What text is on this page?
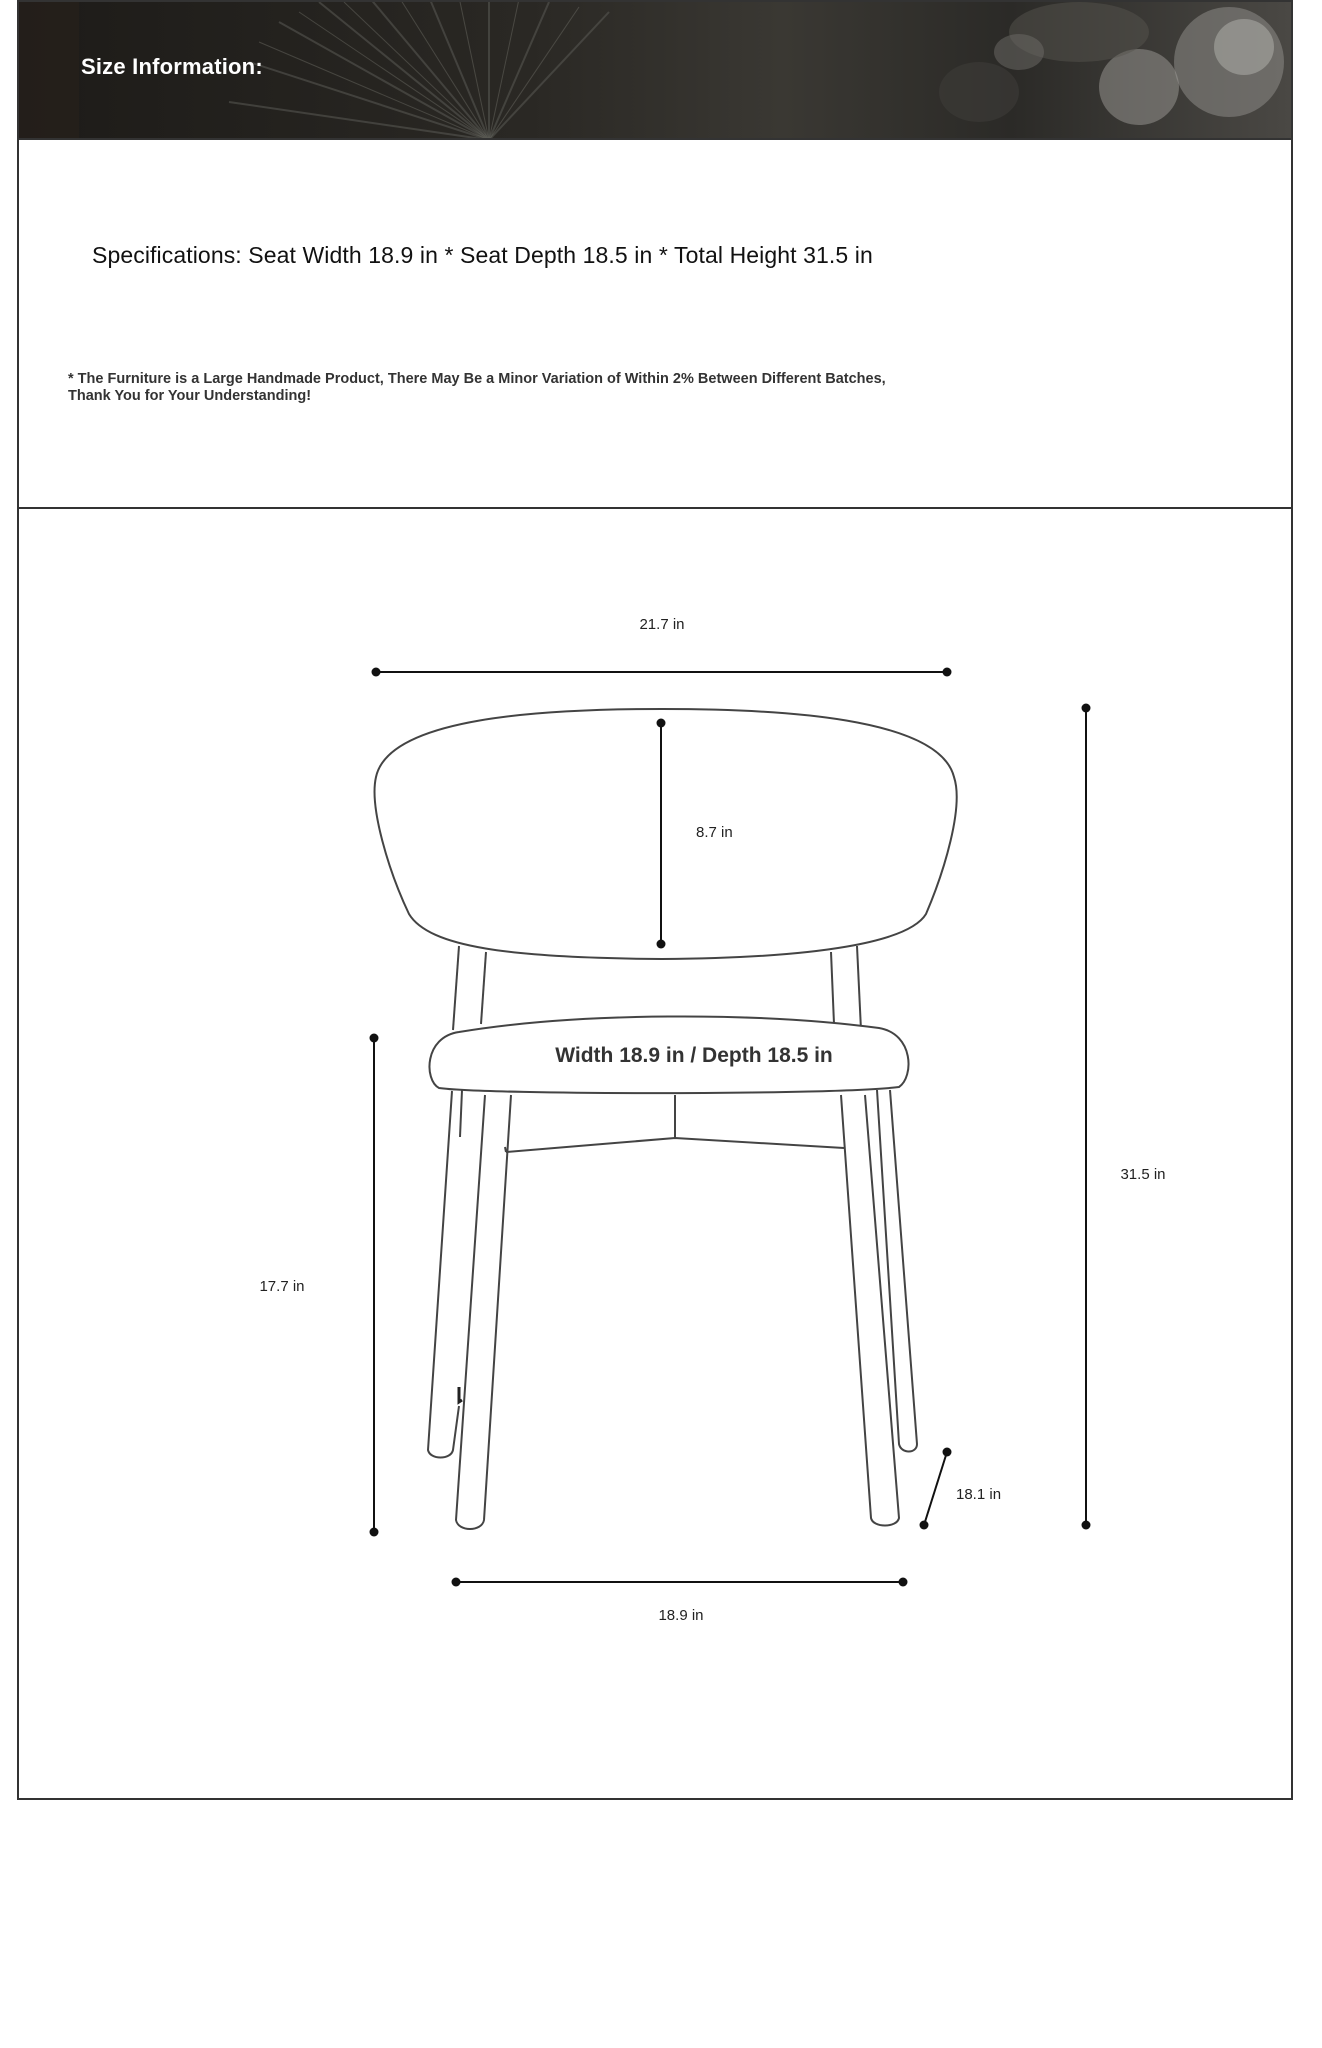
Size Information:
Specifications: Seat Width 18.9 in * Seat Depth 18.5 in * Total Height 31.5 in
* The Furniture is a Large Handmade Product, There May Be a Minor Variation of Within 2% Between Different Batches, Thank You for Your Understanding!
21.7 in
8.7 in
Width 18.9 in / Depth 18.5 in
17.7 in
31.5 in
18.1 in
18.9 in
